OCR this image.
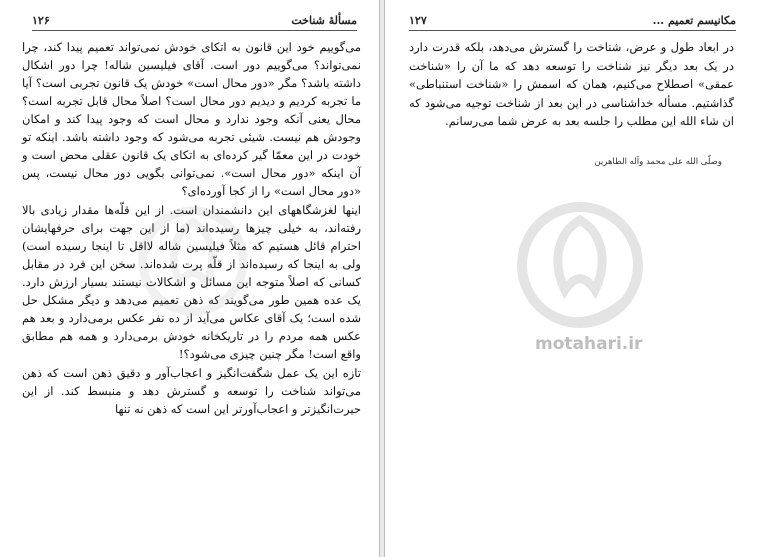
۱۲۶	مسألهٔ شناخت

می‌گوییم خود این قانون به اتکای خودش نمی‌تواند تعمیم پیدا کند، چرا نمی‌تواند؟ می‌گوییم دور است. آقای فیلیسین شاله! چرا دور اشکال داشته باشد؟ مگر «دور محال است» خودش یک قانون تجربی است؟ آیا ما تجربه کردیم و دیدیم دور محال است؟ اصلاً محال قابل تجربه است؟ محال یعنی آنکه وجود ندارد و محال است که وجود پیدا کند و امکان وجودش هم نیست. شیئی تجربه می‌شود که وجود داشته باشد. اینکه تو خودت در این معمّا گیر کرده‌ای به اتکای یک قانون عقلی محض است و آن اینکه «دور محال است». نمی‌توانی بگویی دور محال نیست، پس «دور محال است» را از کجا آورده‌ای؟

اینها لغزشگاههای این دانشمندان است. از این قلّه‌ها مقدار زیادی بالا رفته‌اند، به خیلی چیزها رسیده‌اند (ما از این جهت برای حرفهایشان احترام قائل هستیم که مثلاً فیلیسین شاله لااقل تا اینجا رسیده است) ولی به اینجا که رسیده‌اند از قلّه پرت شده‌اند. سخن این فرد در مقابل کسانی که اصلاً متوجه این مسائل و اشکالات نیستند بسیار ارزش دارد. یک عده همین طور می‌گویند که ذهن تعمیم می‌دهد و دیگر مشکل حل شده است؛ یک آقای عکاس می‌آید از ده نفر عکس برمی‌دارد و بعد هم عکس همه مردم را در تاریکخانه خودش برمی‌دارد و همه هم مطابق واقع است! مگر چنین چیزی می‌شود؟!

تازه این یک عمل شگفت‌انگیز و اعجاب‌آور و دقیق ذهن است که ذهن می‌تواند شناخت را توسعه و گسترش دهد و منبسط کند. از این حیرت‌انگیزتر و اعجاب‌آورتر این است که ذهن نه تنها

۱۲۷	مکانیسم تعمیم ...

در ابعاد طول و عرض، شناخت را گسترش می‌دهد، بلکه قدرت دارد در یک بعد دیگر نیز شناخت را توسعه دهد که ما آن را «شناخت عمقی» اصطلاح می‌کنیم، همان که اسمش را «شناخت استنباطی» گذاشتیم. مسأله خداشناسی در این بعد از شناخت توجیه می‌شود که ان شاء الله این مطلب را جلسه بعد به عرض شما می‌رسانم.

وصلّی الله علی محمد وآله الطاهرین
motahari.ir
